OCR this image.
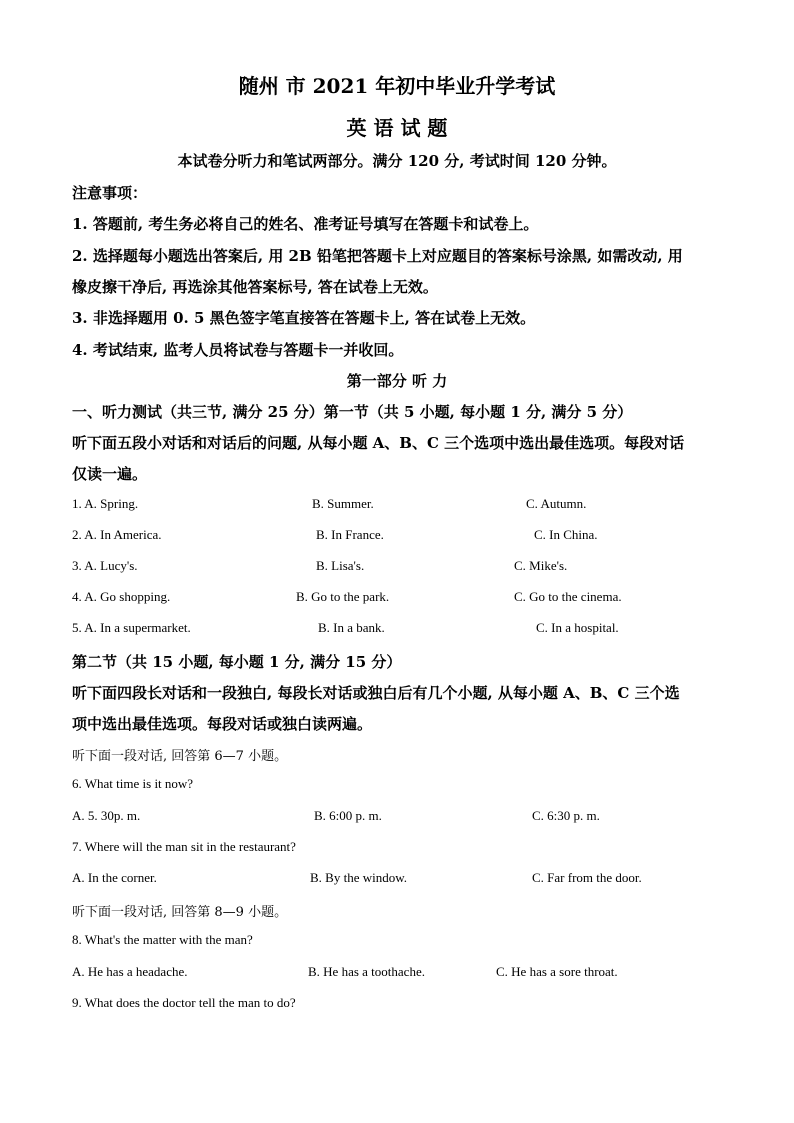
随州 市 2021 年初中毕业升学考试
英 语 试 题
本试卷分听力和笔试两部分。满分 120 分, 考试时间 120 分钟。
注意事项：
1. 答题前, 考生务必将自己的姓名、准考证号填写在答题卡和试卷上。
2. 选择题每小题选出答案后, 用 2B 铅笔把答题卡上对应题目的答案标号涂黑, 如需改动, 用
橡皮擦干净后, 再选涂其他答案标号, 答在试卷上无效。
3. 非选择题用 0. 5 黑色签字笔直接答在答题卡上, 答在试卷上无效。
4. 考试结束, 监考人员将试卷与答题卡一并收回。
第一部分 听 力
一、听力测试（共三节, 满分 25 分）第一节（共 5 小题, 每小题 1 分, 满分 5 分）
听下面五段小对话和对话后的问题, 从每小题 A、B、C 三个选项中选出最佳选项。每段对话
仅读一遍。
1. A. Spring.	B. Summer.	C. Autumn.
2. A. In America.	B. In France.	C. In China.
3. A. Lucy's.	B. Lisa's.	C. Mike's.
4. A. Go shopping.	B. Go to the park.	C. Go to the cinema.
5. A. In a supermarket.	B. In a bank.	C. In a hospital.
第二节（共 15 小题, 每小题 1 分, 满分 15 分）
听下面四段长对话和一段独白, 每段长对话或独白后有几个小题, 从每小题 A、B、C 三个选
项中选出最佳选项。每段对话或独白读两遍。
听下面一段对话, 回答第 6—7 小题。
6. What time is it now?
A. 5. 30p. m.	B. 6:00 p. m.	C. 6:30 p. m.
7. Where will the man sit in the restaurant?
A. In the corner.	B. By the window.	C. Far from the door.
听下面一段对话, 回答第 8—9 小题。
8. What's the matter with the man?
A. He has a headache.	B. He has a toothache.	C. He has a sore throat.
9. What does the doctor tell the man to do?
